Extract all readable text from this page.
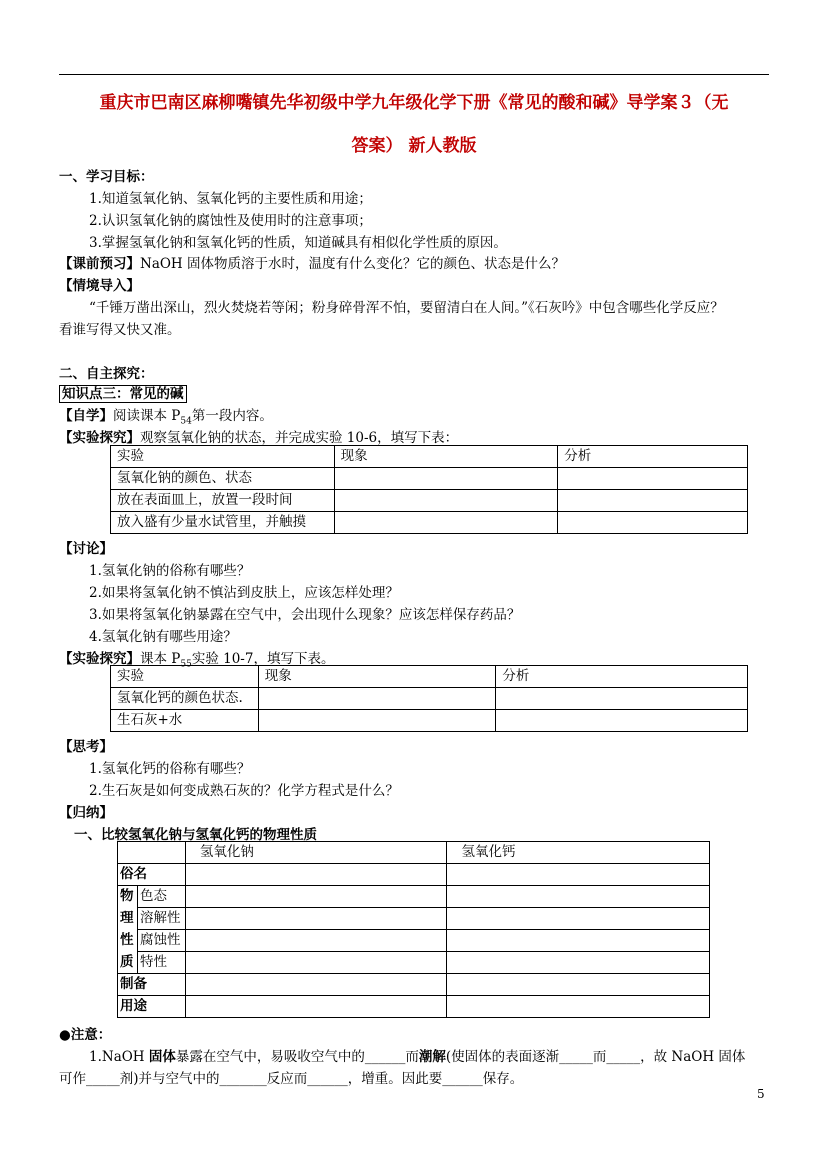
重庆市巴南区麻柳嘴镇先华初级中学九年级化学下册《常见的酸和碱》导学案３（无
答案） 新人教版
一、学习目标：
1.知道氢氧化钠、氢氧化钙的主要性质和用途；
2.认识氢氧化钠的腐蚀性及使用时的注意事项；
3.掌握氢氧化钠和氢氧化钙的性质，知道碱具有相似化学性质的原因。
【课前预习】NaOH 固体物质溶于水时，温度有什么变化？它的颜色、状态是什么？
【情境导入】
“千锤万凿出深山，烈火焚烧若等闲；粉身碎骨浑不怕，要留清白在人间。”《石灰吟》中包含哪些化学反应？
看谁写得又快又准。
二、自主探究：
知识点三：常见的碱
【自学】阅读课本 $P_{54}$第一段内容。
【实验探究】观察氢氧化钠的状态，并完成实验 10-6，填写下表：
实验	现象	分析
氢氧化钠的颜色、状态		
放在表面皿上，放置一段时间		
放入盛有少量水试管里，并触摸		
【讨论】
1.氢氧化钠的俗称有哪些？
2.如果将氢氧化钠不慎沾到皮肤上，应该怎样处理？
3.如果将氢氧化钠暴露在空气中，会出现什么现象？应该怎样保存药品？
4.氢氧化钠有哪些用途？
【实验探究】课本 $P_{55}$实验 10-7，填写下表。
实验	现象	分析
氢氧化钙的颜色状态.		
生石灰+水		
【思考】
1.氢氧化钙的俗称有哪些？
2.生石灰是如何变成熟石灰的？化学方程式是什么？
【归纳】
一、比较氢氧化钠与氢氧化钙的物理性质
		氢氧化钠	氢氧化钙
俗名			
物	色态		
理	溶解性		
性	腐蚀性		
质	特性		
制备			
用途			
●注意：
1.NaOH 固体暴露在空气中，易吸收空气中的______而潮解(使固体的表面逐渐_____而_____，故 NaOH 固体
可作_____剂)并与空气中的_______反应而______，增重。因此要______保存。
5
